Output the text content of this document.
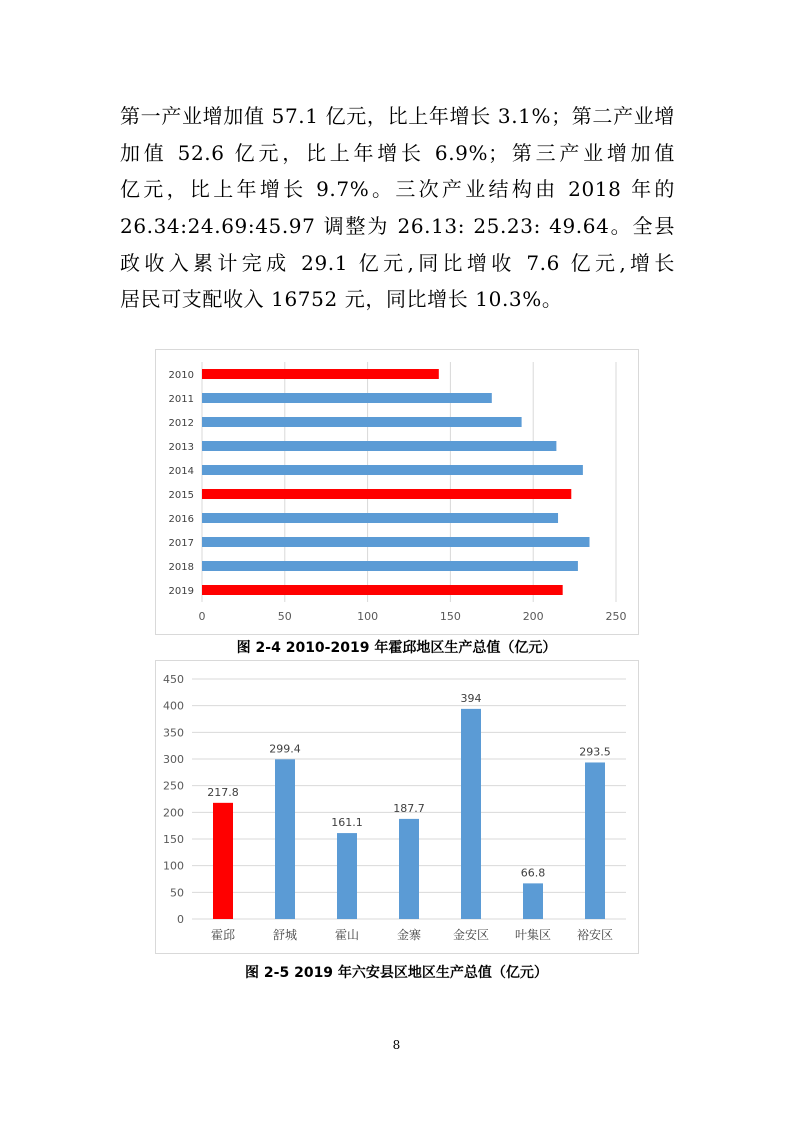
第一产业增加值 57.1 亿元，比上年增长 3.1%；第二产业增

加值 52.6 亿元，比上年增长 6.9%；第三产业增加值

亿元，比上年增长 9.7%。三次产业结构由 2018 年的

26.34:24.69:45.97 调整为 26.13: 25.23: 49.64。全县

政收入累计完成 29.1 亿元,同比增收 7.6 亿元,增长

居民可支配收入 16752 元，同比增长 10.3%。

0	50	100	150	200	250
2010
2011
2012
2013
2014
2015
2016
2017
2018
2019
图 2-4 2010-2019 年霍邱地区生产总值（亿元）
0
50
100
150
200
250
300
350
400
450
217.8
霍邱
299.4
舒城
161.1
霍山
187.7
金寨
394
金安区
66.8
叶集区
293.5
裕安区
图 2-5 2019 年六安县区地区生产总值（亿元）
8
